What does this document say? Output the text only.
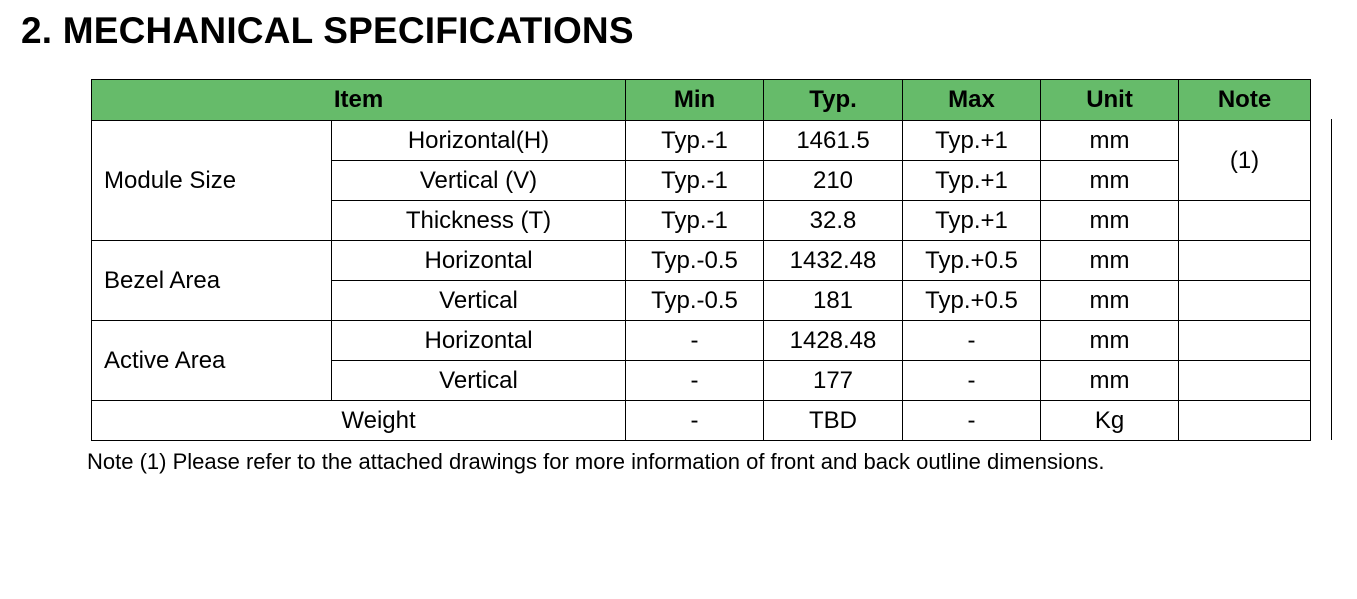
2. MECHANICAL SPECIFICATIONS
Item		Min	Typ.	Max	Unit	Note
Module Size	Horizontal(H)	Typ.-1	1461.5	Typ.+1	mm	(1)
	Vertical (V)	Typ.-1	210	Typ.+1	mm	
	Thickness (T)	Typ.-1	32.8	Typ.+1	mm	
Bezel Area	Horizontal	Typ.-0.5	1432.48	Typ.+0.5	mm	
	Vertical	Typ.-0.5	181	Typ.+0.5	mm	
Active Area	Horizontal	-	1428.48	-	mm	
	Vertical	-	177	-	mm	
Weight		-	TBD	-	Kg	

Note (1) Please refer to the attached drawings for more information of front and back outline dimensions.
